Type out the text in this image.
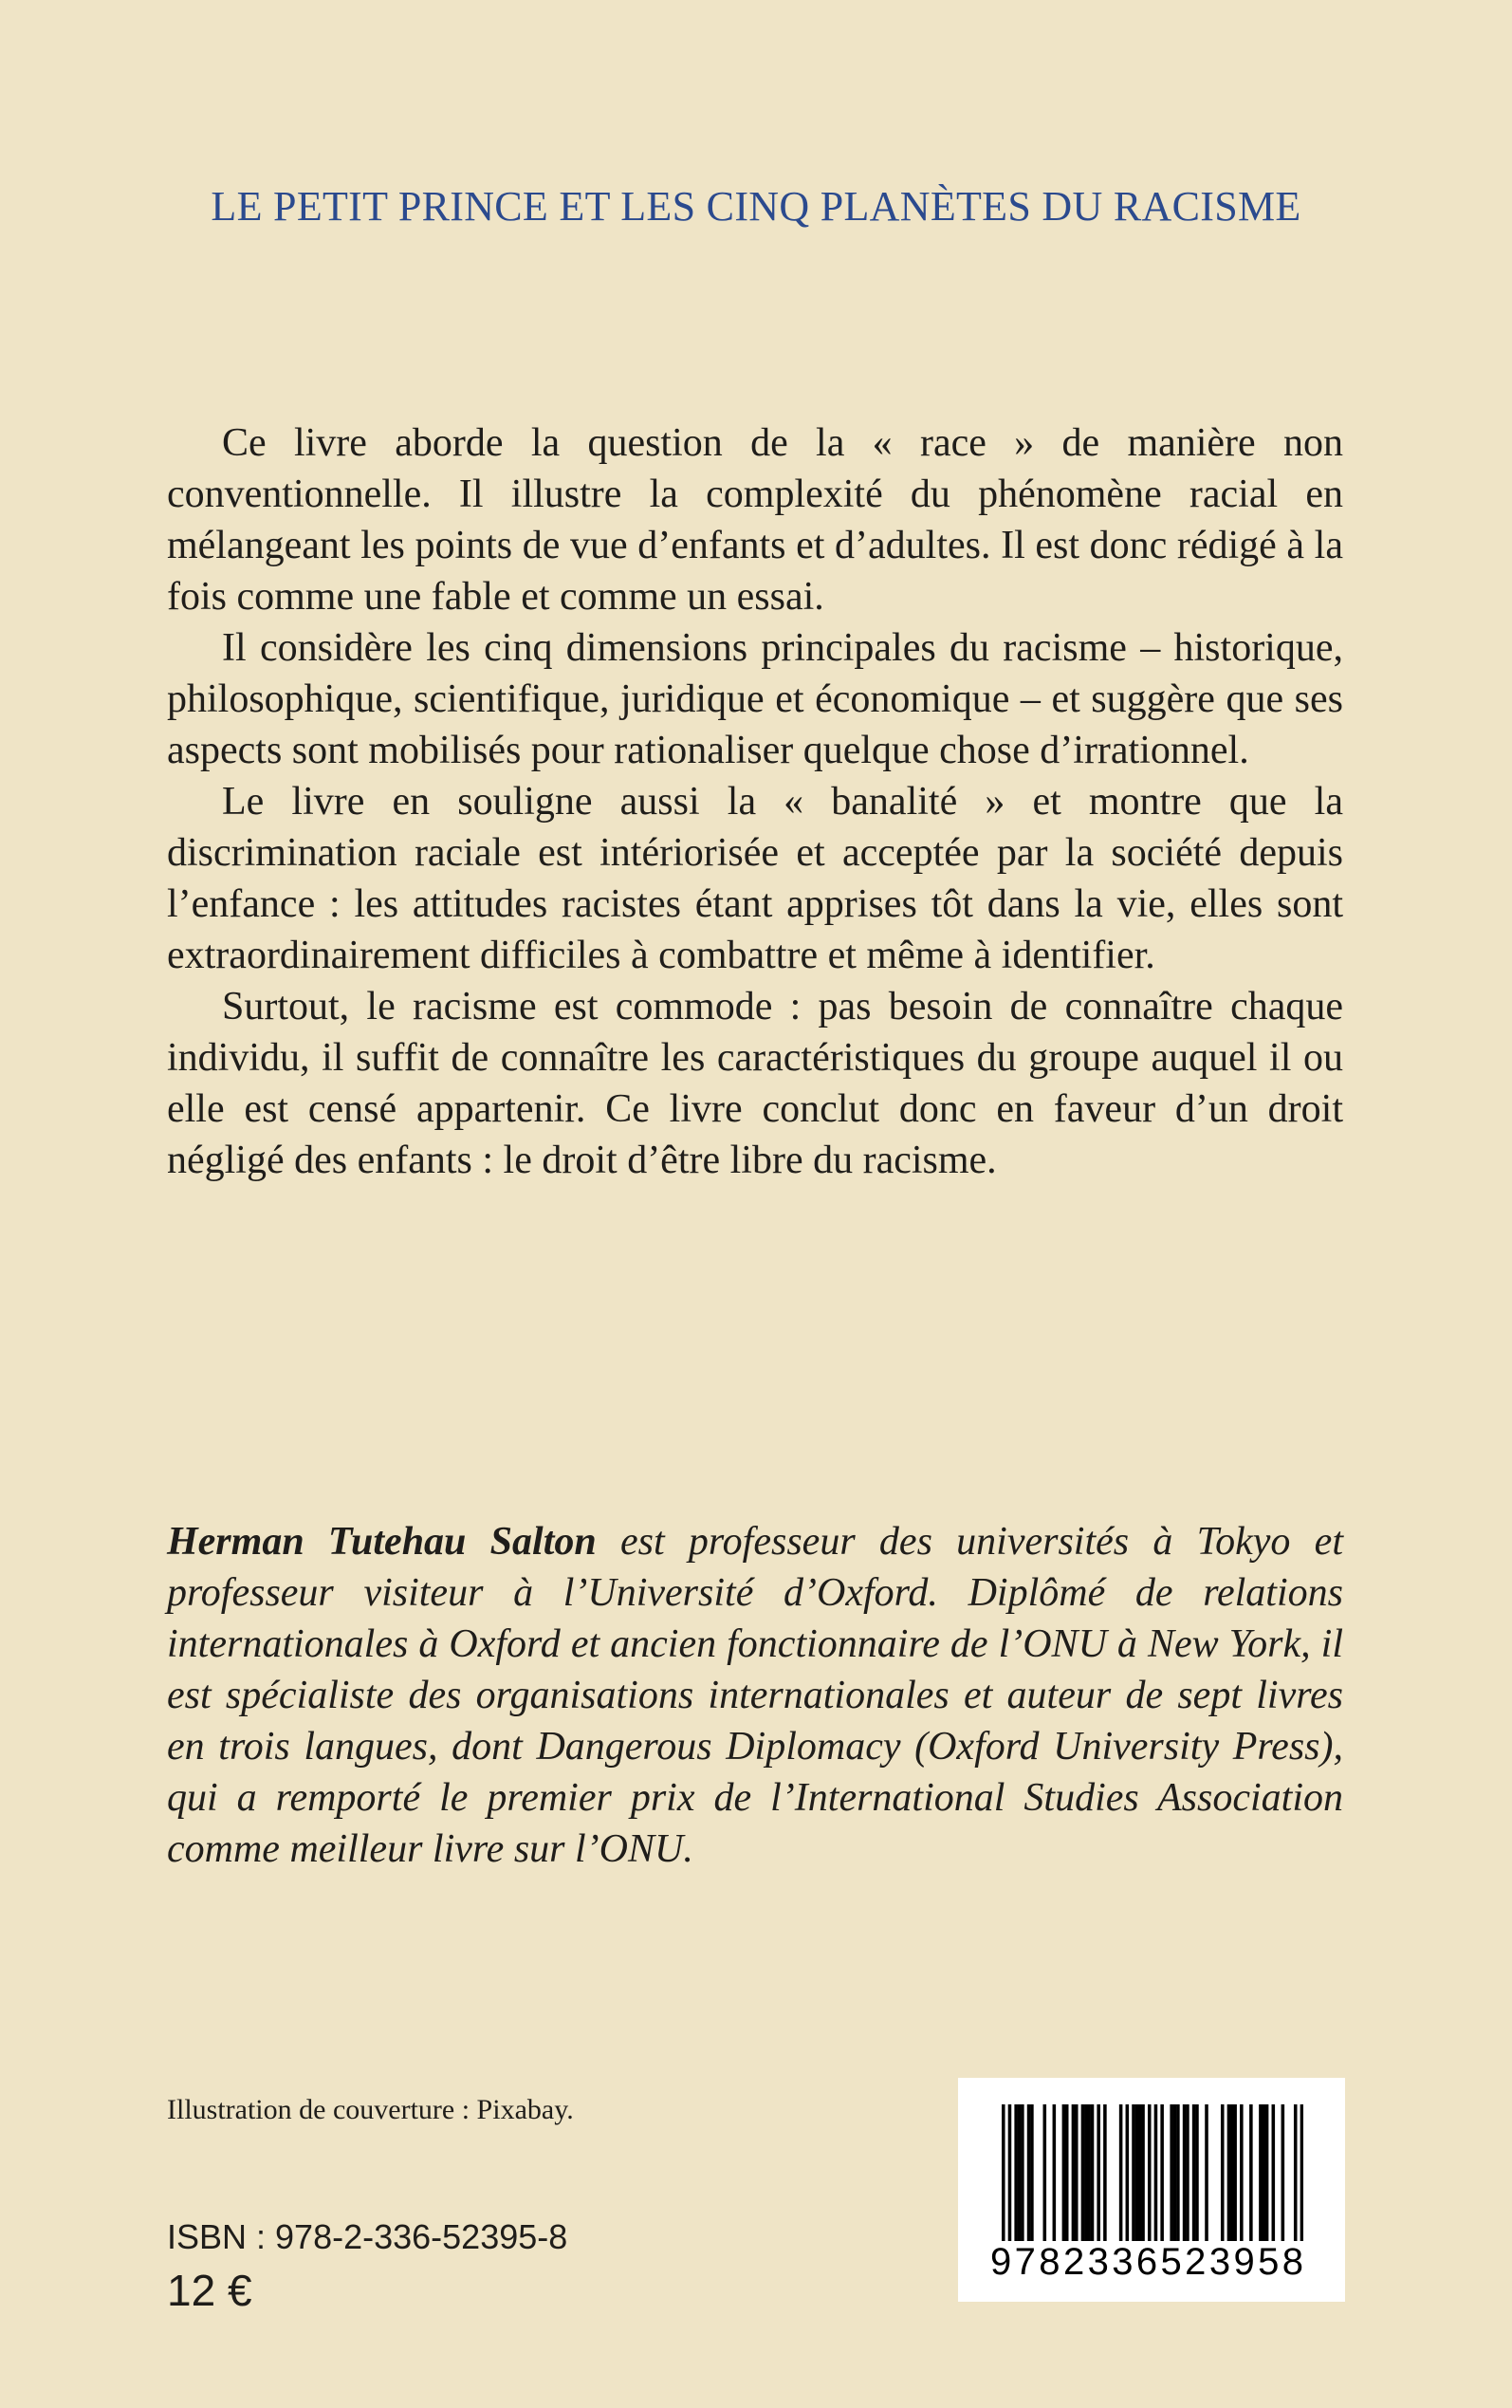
LE PETIT PRINCE ET LES CINQ PLANÈTES DU RACISME

Ce livre aborde la question de la « race » de manière non conventionnelle. Il illustre la complexité du phénomène racial en mélangeant les points de vue d’enfants et d’adultes. Il est donc rédigé à la fois comme une fable et comme un essai.

Il considère les cinq dimensions principales du racisme – historique, philosophique, scientifique, juridique et économique – et suggère que ses aspects sont mobilisés pour rationaliser quelque chose d’irrationnel.

Le livre en souligne aussi la « banalité » et montre que la discrimination raciale est intériorisée et acceptée par la société depuis l’enfance : les attitudes racistes étant apprises tôt dans la vie, elles sont extraordinairement difficiles à combattre et même à identifier.

Surtout, le racisme est commode : pas besoin de connaître chaque individu, il suffit de connaître les caractéristiques du groupe auquel il ou elle est censé appartenir. Ce livre conclut donc en faveur d’un droit négligé des enfants : le droit d’être libre du racisme.

Herman Tutehau Salton est professeur des universités à Tokyo et professeur visiteur à l’Université d’Oxford. Diplômé de relations internationales à Oxford et ancien fonctionnaire de l’ONU à New York, il est spécialiste des organisations internationales et auteur de sept livres en trois langues, dont Dangerous Diplomacy (Oxford University Press), qui a remporté le premier prix de l’International Studies Association comme meilleur livre sur l’ONU.

Illustration de couverture : Pixabay.
ISBN : 978-2-336-52395-8
12 €
9782336523958
